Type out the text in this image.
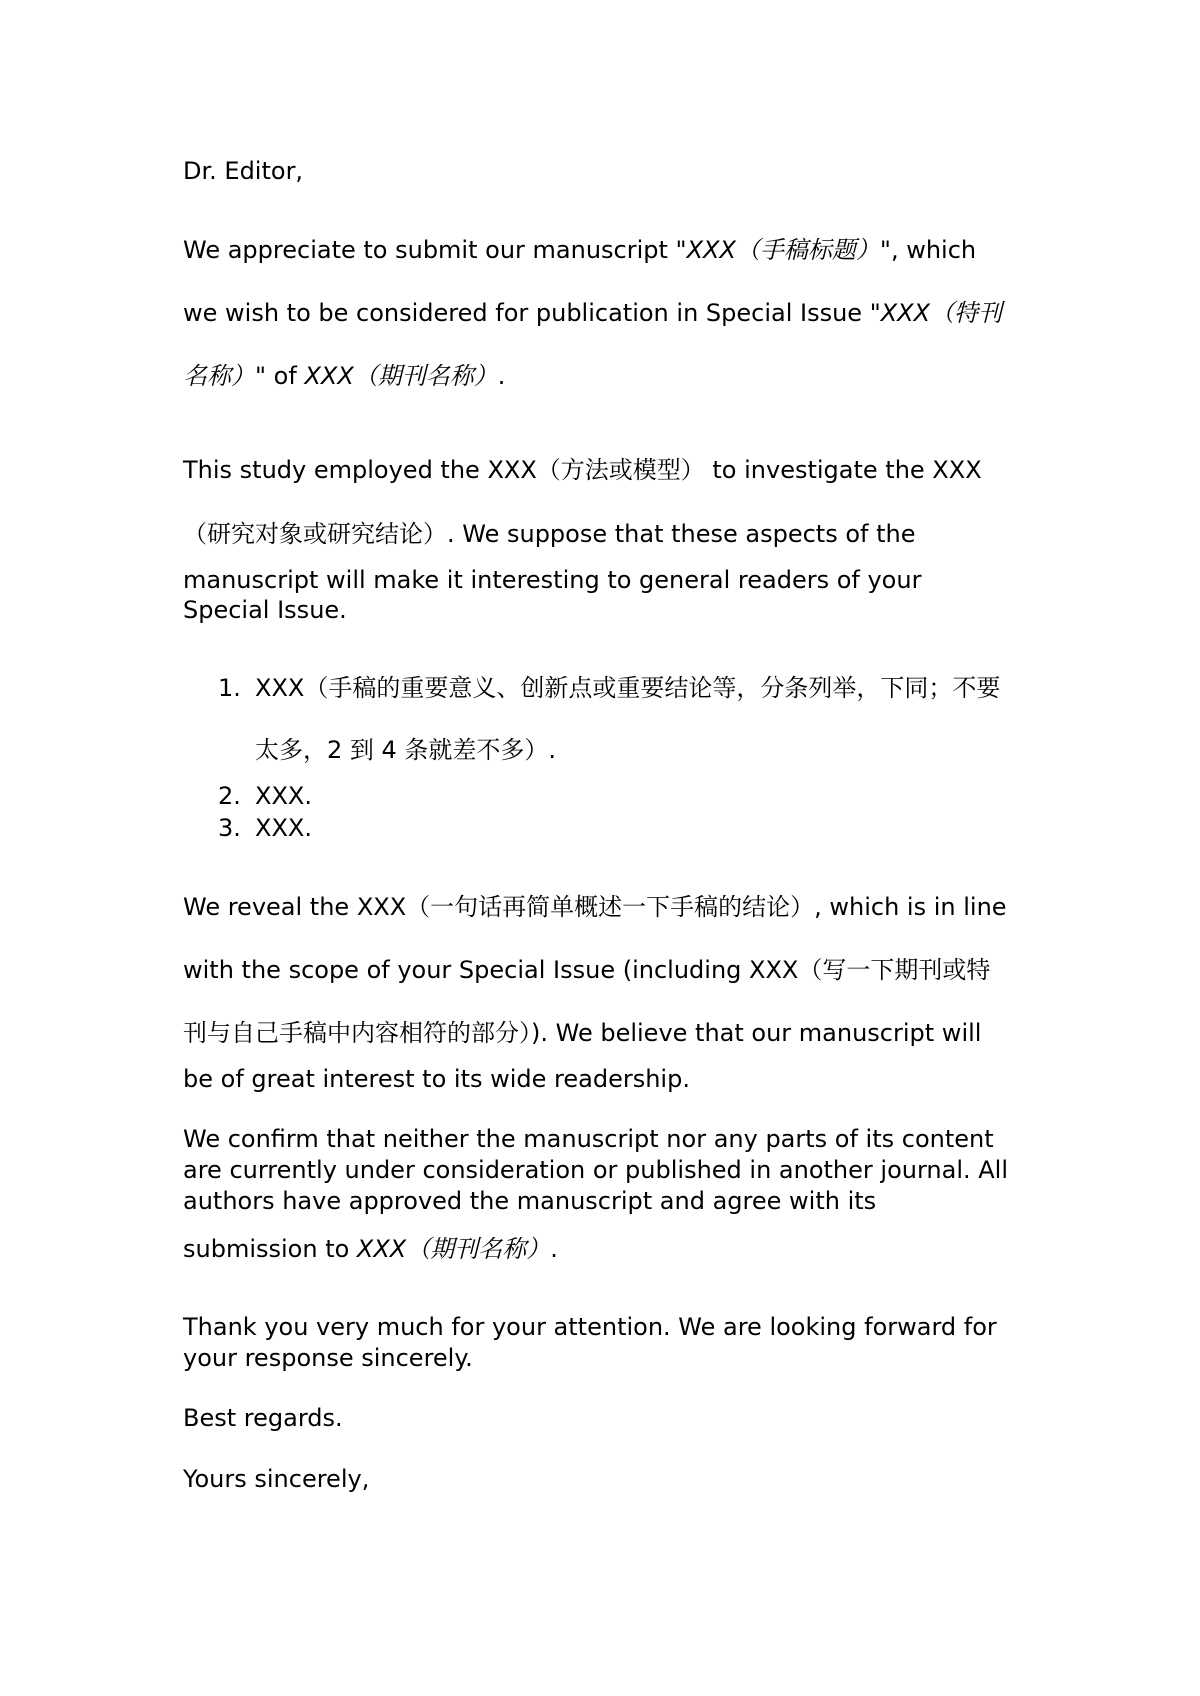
Dr. Editor,
We appreciate to submit our manuscript "XXX（手稿标题）", which
we wish to be considered for publication in Special Issue "XXX（特刊
名称）" of XXX（期刊名称）.
This study employed the XXX（方法或模型） to investigate the XXX
（研究对象或研究结论）. We suppose that these aspects of the
manuscript will make it interesting to general readers of your
Special Issue.
1. XXX（手稿的重要意义、创新点或重要结论等，分条列举，下同；不要
太多，2 到 4 条就差不多）.
2. XXX.
3. XXX.
We reveal the XXX（一句话再简单概述一下手稿的结论）, which is in line
with the scope of your Special Issue (including XXX（写一下期刊或特
刊与自己手稿中内容相符的部分）). We believe that our manuscript will
be of great interest to its wide readership.
We confirm that neither the manuscript nor any parts of its content
are currently under consideration or published in another journal. All
authors have approved the manuscript and agree with its
submission to XXX（期刊名称）.
Thank you very much for your attention. We are looking forward for
your response sincerely.
Best regards.
Yours sincerely,
